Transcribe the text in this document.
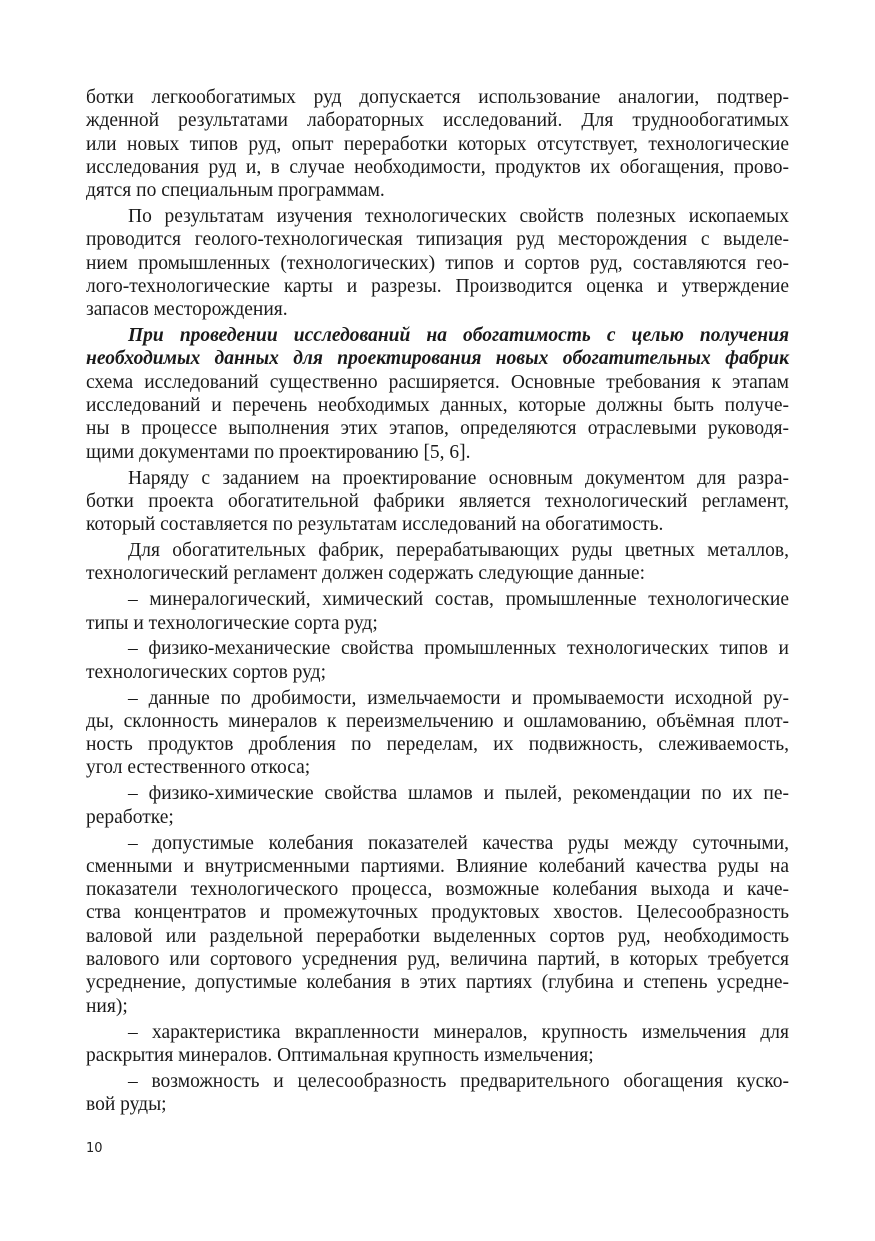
ботки легкообогатимых руд допускается использование аналогии, подтвер-
жденной результатами лабораторных исследований. Для труднообогатимых
или новых типов руд, опыт переработки которых отсутствует, технологические
исследования руд и, в случае необходимости, продуктов их обогащения, прово-
дятся по специальным программам.
По результатам изучения технологических свойств полезных ископаемых
проводится геолого-технологическая типизация руд месторождения с выделе-
нием промышленных (технологических) типов и сортов руд, составляются гео-
лого-технологические карты и разрезы. Производится оценка и утверждение
запасов месторождения.
При проведении исследований на обогатимость с целью получения
необходимых данных для проектирования новых обогатительных фабрик
схема исследований существенно расширяется. Основные требования к этапам
исследований и перечень необходимых данных, которые должны быть получе-
ны в процессе выполнения этих этапов, определяются отраслевыми руководя-
щими документами по проектированию [5, 6].
Наряду с заданием на проектирование основным документом для разра-
ботки проекта обогатительной фабрики является технологический регламент,
который составляется по результатам исследований на обогатимость.
Для обогатительных фабрик, перерабатывающих руды цветных металлов,
технологический регламент должен содержать следующие данные:
– минералогический, химический состав, промышленные технологические
типы и технологические сорта руд;
– физико-механические свойства промышленных технологических типов и
технологических сортов руд;
– данные по дробимости, измельчаемости и промываемости исходной ру-
ды, склонность минералов к переизмельчению и ошламованию, объёмная плот-
ность продуктов дробления по переделам, их подвижность, слеживаемость,
угол естественного откоса;
– физико-химические свойства шламов и пылей, рекомендации по их пе-
реработке;
– допустимые колебания показателей качества руды между суточными,
сменными и внутрисменными партиями. Влияние колебаний качества руды на
показатели технологического процесса, возможные колебания выхода и каче-
ства концентратов и промежуточных продуктовых хвостов. Целесообразность
валовой или раздельной переработки выделенных сортов руд, необходимость
валового или сортового усреднения руд, величина партий, в которых требуется
усреднение, допустимые колебания в этих партиях (глубина и степень усредне-
ния);
– характеристика вкрапленности минералов, крупность измельчения для
раскрытия минералов. Оптимальная крупность измельчения;
– возможность и целесообразность предварительного обогащения куско-
вой руды;
10
